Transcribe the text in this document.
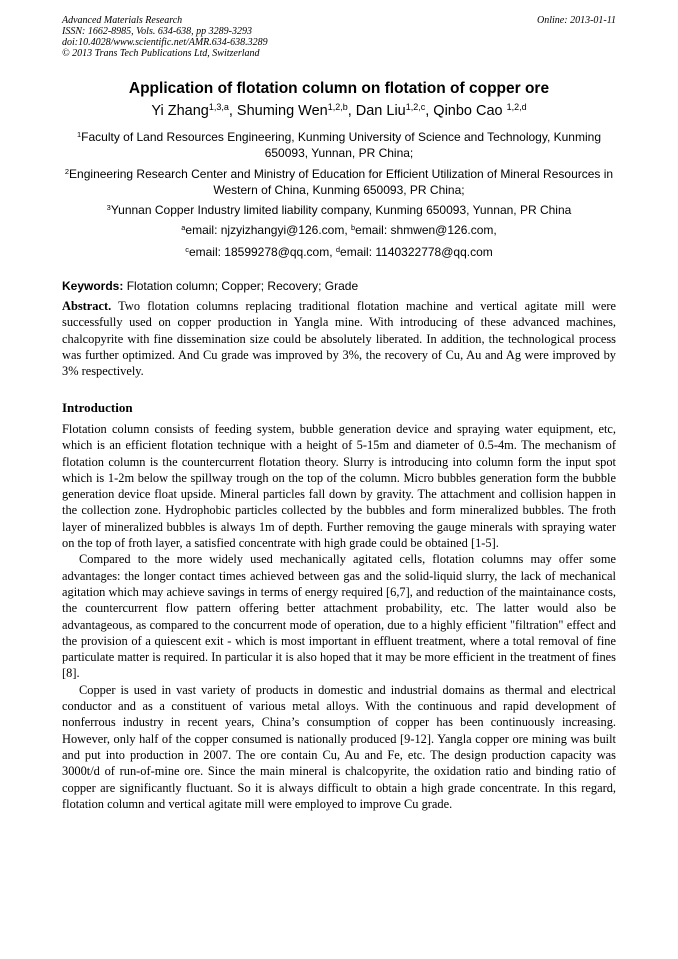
Advanced Materials Research
ISSN: 1662-8985, Vols. 634-638, pp 3289-3293
doi:10.4028/www.scientific.net/AMR.634-638.3289
© 2013 Trans Tech Publications Ltd, Switzerland
Online: 2013-01-11
Application of flotation column on flotation of copper ore
Yi Zhang$^{1,3,a}$, Shuming Wen$^{1,2,b}$, Dan Liu$^{1,2,c}$, Qinbo Cao $^{1,2,d}$
$^1$Faculty of Land Resources Engineering, Kunming University of Science and Technology, Kunming 650093, Yunnan, PR China;
$^2$Engineering Research Center and Ministry of Education for Efficient Utilization of Mineral Resources in Western of China, Kunming 650093, PR China;
$^3$Yunnan Copper Industry limited liability company, Kunming 650093, Yunnan, PR China
$^a$email: njzyizhangyi@126.com, $^b$email: shmwen@126.com,
$^c$email: 18599278@qq.com, $^d$email: 1140322778@qq.com
Keywords: Flotation column; Copper; Recovery; Grade

Abstract. Two flotation columns replacing traditional flotation machine and vertical agitate mill were successfully used on copper production in Yangla mine. With introducing of these advanced machines, chalcopyrite with fine dissemination size could be absolutely liberated. In addition, the technological process was further optimized. And Cu grade was improved by 3%, the recovery of Cu, Au and Ag were improved by 3% respectively.

Introduction

Flotation column consists of feeding system, bubble generation device and spraying water equipment, etc, which is an efficient flotation technique with a height of 5-15m and diameter of 0.5-4m. The mechanism of flotation column is the countercurrent flotation theory. Slurry is introducing into column form the input spot which is 1-2m below the spillway trough on the top of the column. Micro bubbles generation form the bubble generation device float upside. Mineral particles fall down by gravity. The attachment and collision happen in the collection zone. Hydrophobic particles collected by the bubbles and form mineralized bubbles. The froth layer of mineralized bubbles is always 1m of depth. Further removing the gauge minerals with spraying water on the top of froth layer, a satisfied concentrate with high grade could be obtained [1-5].

Compared to the more widely used mechanically agitated cells, flotation columns may offer some advantages: the longer contact times achieved between gas and the solid-liquid slurry, the lack of mechanical agitation which may achieve savings in terms of energy required [6,7], and reduction of the maintainance costs, the countercurrent flow pattern offering better attachment probability, etc. The latter would also be advantageous, as compared to the concurrent mode of operation, due to a highly efficient "filtration" effect and the provision of a quiescent exit - which is most important in effluent treatment, where a total removal of fine particulate matter is required. In particular it is also hoped that it may be more efficient in the treatment of fines [8].

Copper is used in vast variety of products in domestic and industrial domains as thermal and electrical conductor and as a constituent of various metal alloys. With the continuous and rapid development of nonferrous industry in recent years, China’s consumption of copper has been continuously increasing. However, only half of the copper consumed is nationally produced [9-12]. Yangla copper ore mining was built and put into production in 2007. The ore contain Cu, Au and Fe, etc. The design production capacity was 3000t/d of run-of-mine ore. Since the main mineral is chalcopyrite, the oxidation ratio and binding ratio of copper are significantly fluctuant. So it is always difficult to obtain a high grade concentrate. In this regard, flotation column and vertical agitate mill were employed to improve Cu grade.
